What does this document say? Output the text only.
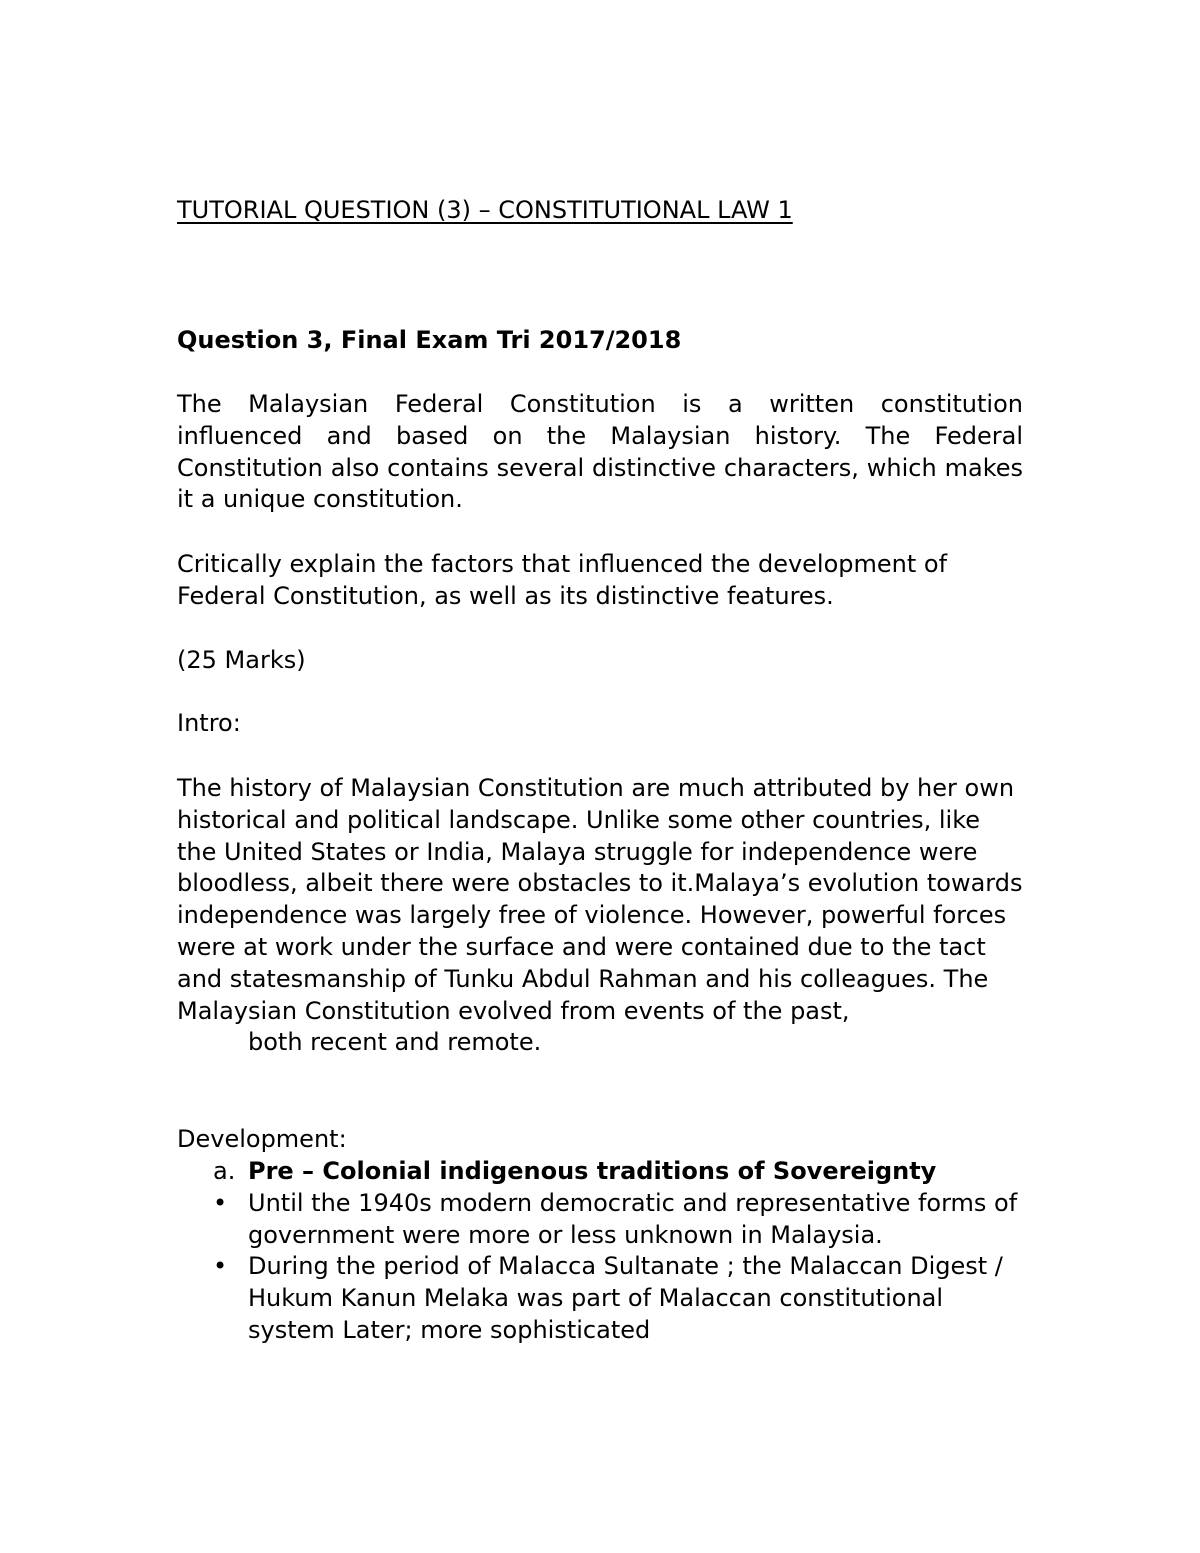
TUTORIAL QUESTION (3) – CONSTITUTIONAL LAW 1

Question 3, Final Exam Tri 2017/2018

The Malaysian Federal Constitution is a written constitution influenced and based on the Malaysian history. The Federal Constitution also contains several distinctive characters, which makes it a unique constitution.

Critically explain the factors that influenced the development of Federal Constitution, as well as its distinctive features.

(25 Marks)

Intro:

The history of Malaysian Constitution are much attributed by her own historical and political landscape. Unlike some other countries, like the United States or India, Malaya struggle for independence were bloodless, albeit there were obstacles to it.Malaya’s evolution towards independence was largely free of violence. However, powerful forces were at work under the surface and were contained due to the tact and statesmanship of Tunku Abdul Rahman and his colleagues. The Malaysian Constitution evolved from events of the past,
both recent and remote.

Development:

a. Pre – Colonial indigenous traditions of Sovereignty
• Until the 1940s modern democratic and representative forms of government were more or less unknown in Malaysia.
• During the period of Malacca Sultanate ; the Malaccan Digest / Hukum Kanun Melaka was part of Malaccan constitutional system Later; more sophisticated
